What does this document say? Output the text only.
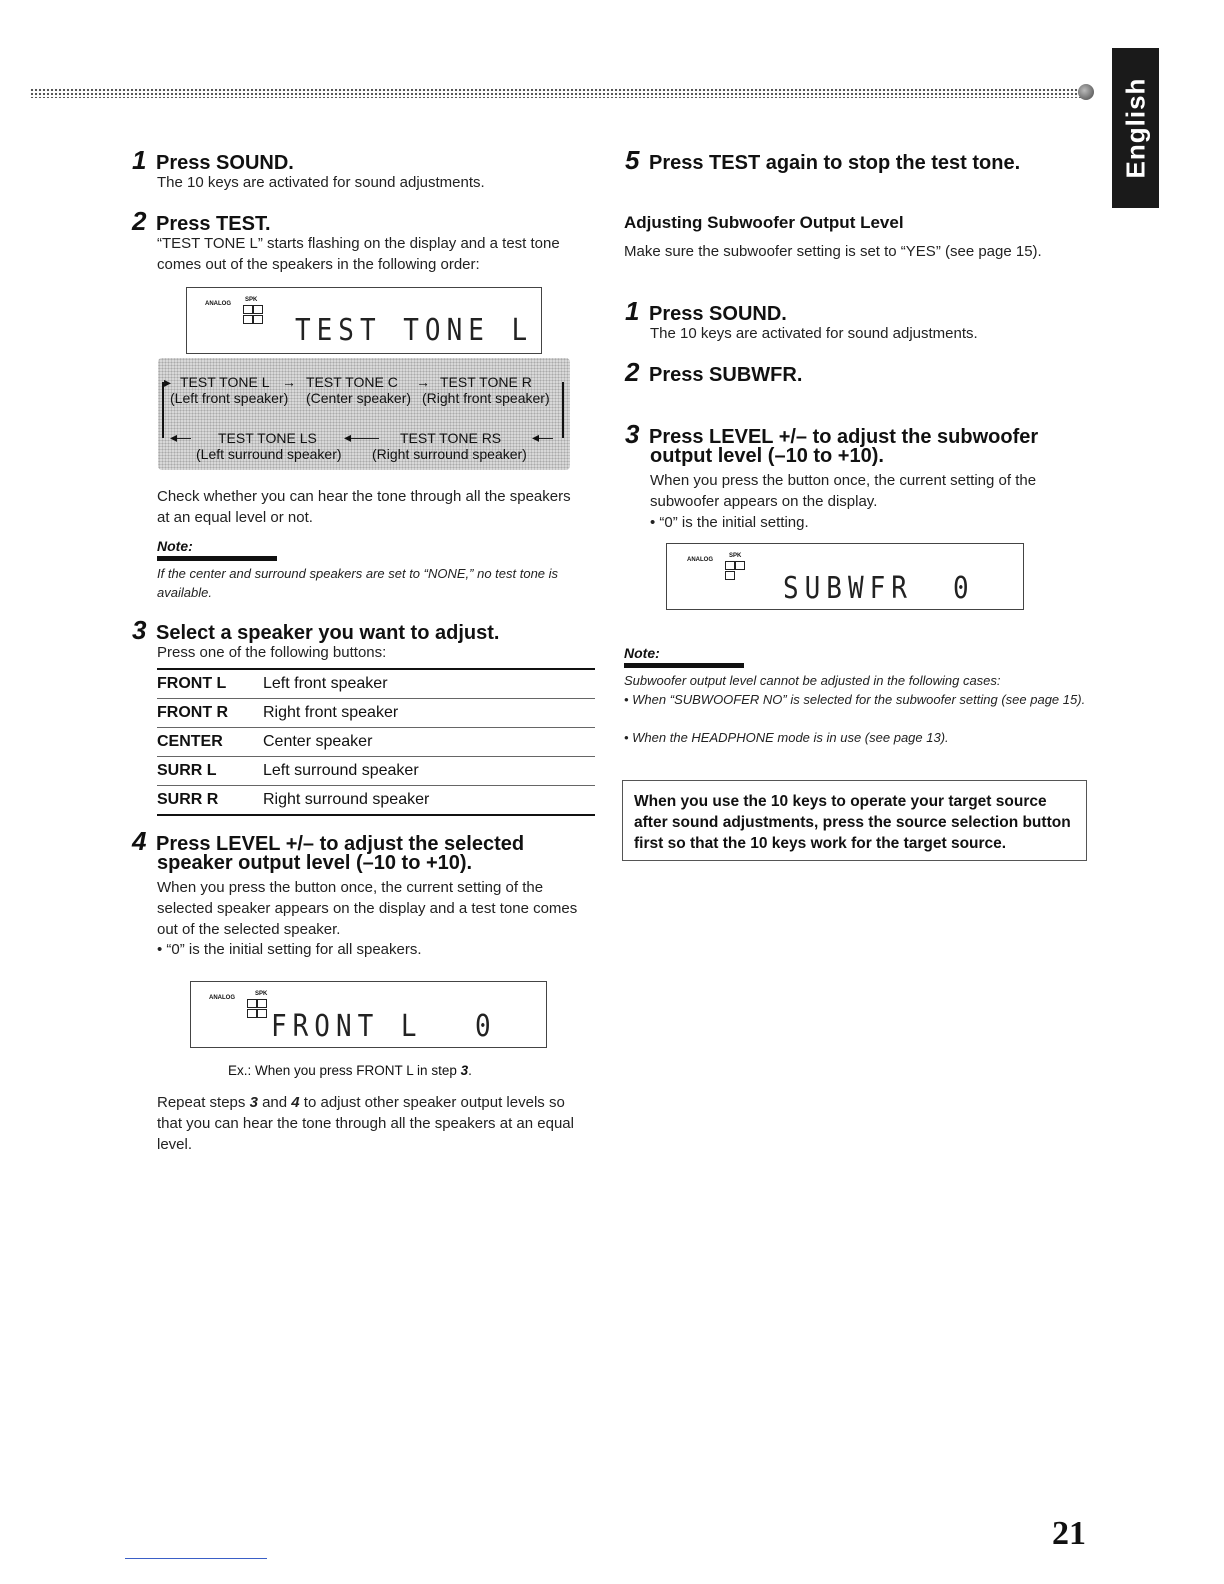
English
1 Press SOUND.
The 10 keys are activated for sound adjustments.
2 Press TEST.
“TEST TONE L” starts flashing on the display and a test tone comes out of the speakers in the following order:
ANALOG
SPK
TEST TONE L
▸ TEST TONE L → TEST TONE C → TEST TONE R
(Left front speaker) (Center speaker) (Right front speaker)
◂— TEST TONE LS ◂—— TEST TONE RS ◂—
(Left surround speaker) (Right surround speaker)
Check whether you can hear the tone through all the speakers at an equal level or not.
Note:
If the center and surround speakers are set to “NONE,” no test tone is available.
3 Select a speaker you want to adjust.
Press one of the following buttons:
FRONT L	Left front speaker
FRONT R	Right front speaker
CENTER	Center speaker
SURR L	Left surround speaker
SURR R	Right surround speaker
4 Press LEVEL +/– to adjust the selected
speaker output level (–10 to +10).
When you press the button once, the current setting of the selected speaker appears on the display and a test tone comes out of the selected speaker.
• “0” is the initial setting for all speakers.
ANALOG
SPK
FRONT L 0
Ex.: When you press FRONT L in step 3.
Repeat steps 3 and 4 to adjust other speaker output levels so that you can hear the tone through all the speakers at an equal level.
5 Press TEST again to stop the test tone.
Adjusting Subwoofer Output Level
Make sure the subwoofer setting is set to “YES” (see page 15).
1 Press SOUND.
The 10 keys are activated for sound adjustments.
2 Press SUBWFR.
3 Press LEVEL +/– to adjust the subwoofer
output level (–10 to +10).
When you press the button once, the current setting of the subwoofer appears on the display.
• “0” is the initial setting.
ANALOG
SPK
SUBWFR 0
Note:
Subwoofer output level cannot be adjusted in the following cases:
• When “SUBWOOFER NO” is selected for the subwoofer setting (see page 15).
• When the HEADPHONE mode is in use (see page 13).
When you use the 10 keys to operate your target source after sound adjustments, press the source selection button first so that the 10 keys work for the target source.
21
